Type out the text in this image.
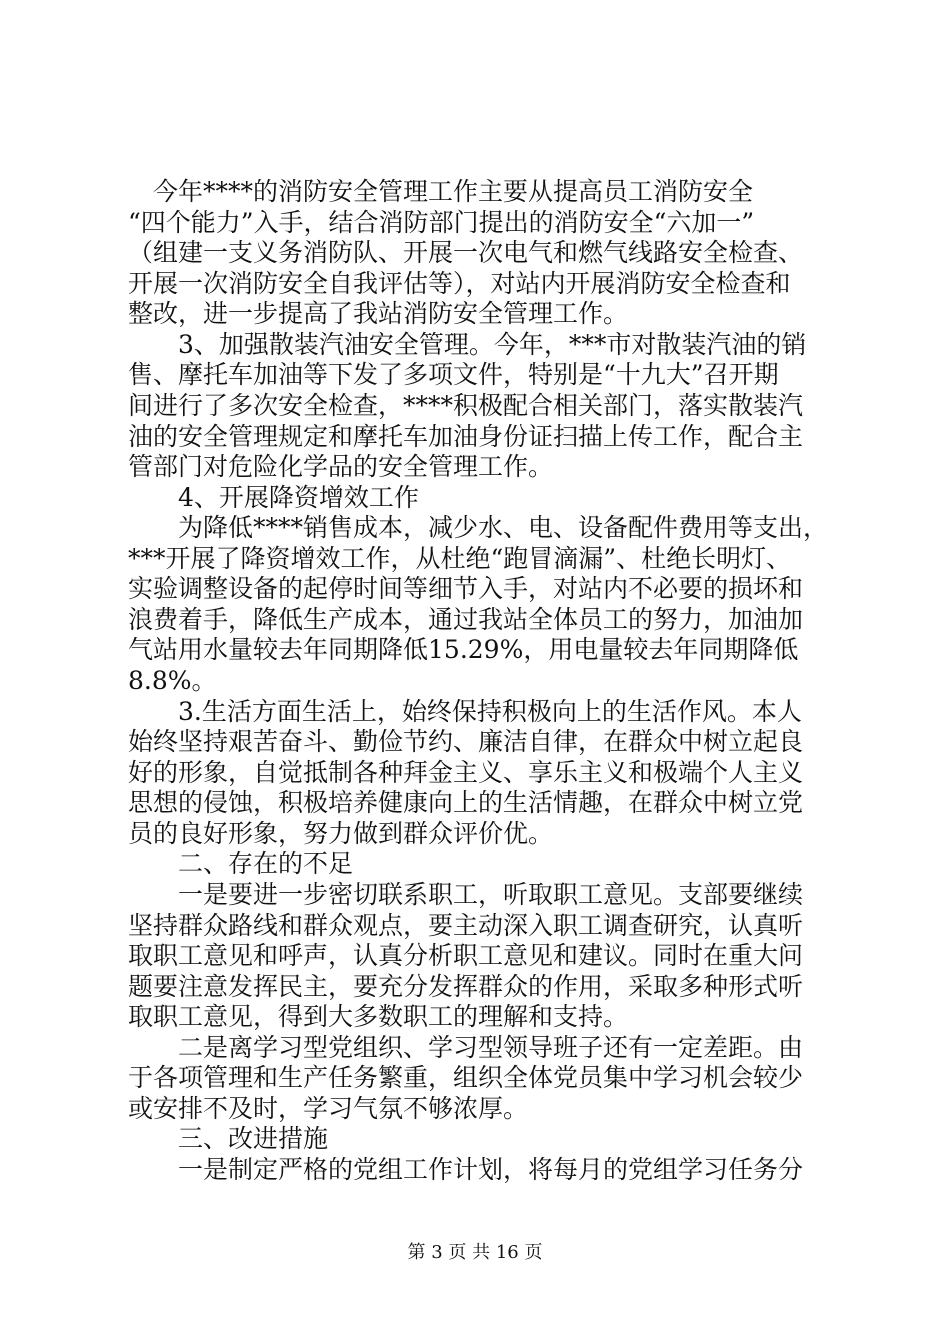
　今年****的消防安全管理工作主要从提高员工消防安全
“四个能力”入手，结合消防部门提出的消防安全“六加一”
（组建一支义务消防队、开展一次电气和燃气线路安全检查、
开展一次消防安全自我评估等），对站内开展消防安全检查和
整改，进一步提高了我站消防安全管理工作。
　　3、加强散装汽油安全管理。今年，***市对散装汽油的销
售、摩托车加油等下发了多项文件，特别是“十九大”召开期
间进行了多次安全检查，****积极配合相关部门，落实散装汽
油的安全管理规定和摩托车加油身份证扫描上传工作，配合主
管部门对危险化学品的安全管理工作。
　　4、开展降资增效工作
　　为降低****销售成本，减少水、电、设备配件费用等支出，
***开展了降资增效工作，从杜绝“跑冒滴漏”、杜绝长明灯、
实验调整设备的起停时间等细节入手，对站内不必要的损坏和
浪费着手，降低生产成本，通过我站全体员工的努力，加油加
气站用水量较去年同期降低15.29%，用电量较去年同期降低
8.8%。
　　3.生活方面生活上，始终保持积极向上的生活作风。本人
始终坚持艰苦奋斗、勤俭节约、廉洁自律，在群众中树立起良
好的形象，自觉抵制各种拜金主义、享乐主义和极端个人主义
思想的侵蚀，积极培养健康向上的生活情趣，在群众中树立党
员的良好形象，努力做到群众评价优。
　　二、存在的不足
　　一是要进一步密切联系职工，听取职工意见。支部要继续
坚持群众路线和群众观点，要主动深入职工调查研究，认真听
取职工意见和呼声，认真分析职工意见和建议。同时在重大问
题要注意发挥民主，要充分发挥群众的作用，采取多种形式听
取职工意见，得到大多数职工的理解和支持。
　　二是离学习型党组织、学习型领导班子还有一定差距。由
于各项管理和生产任务繁重，组织全体党员集中学习机会较少
或安排不及时，学习气氛不够浓厚。
　　三、改进措施
　　一是制定严格的党组工作计划，将每月的党组学习任务分
第 3 页 共 16 页
